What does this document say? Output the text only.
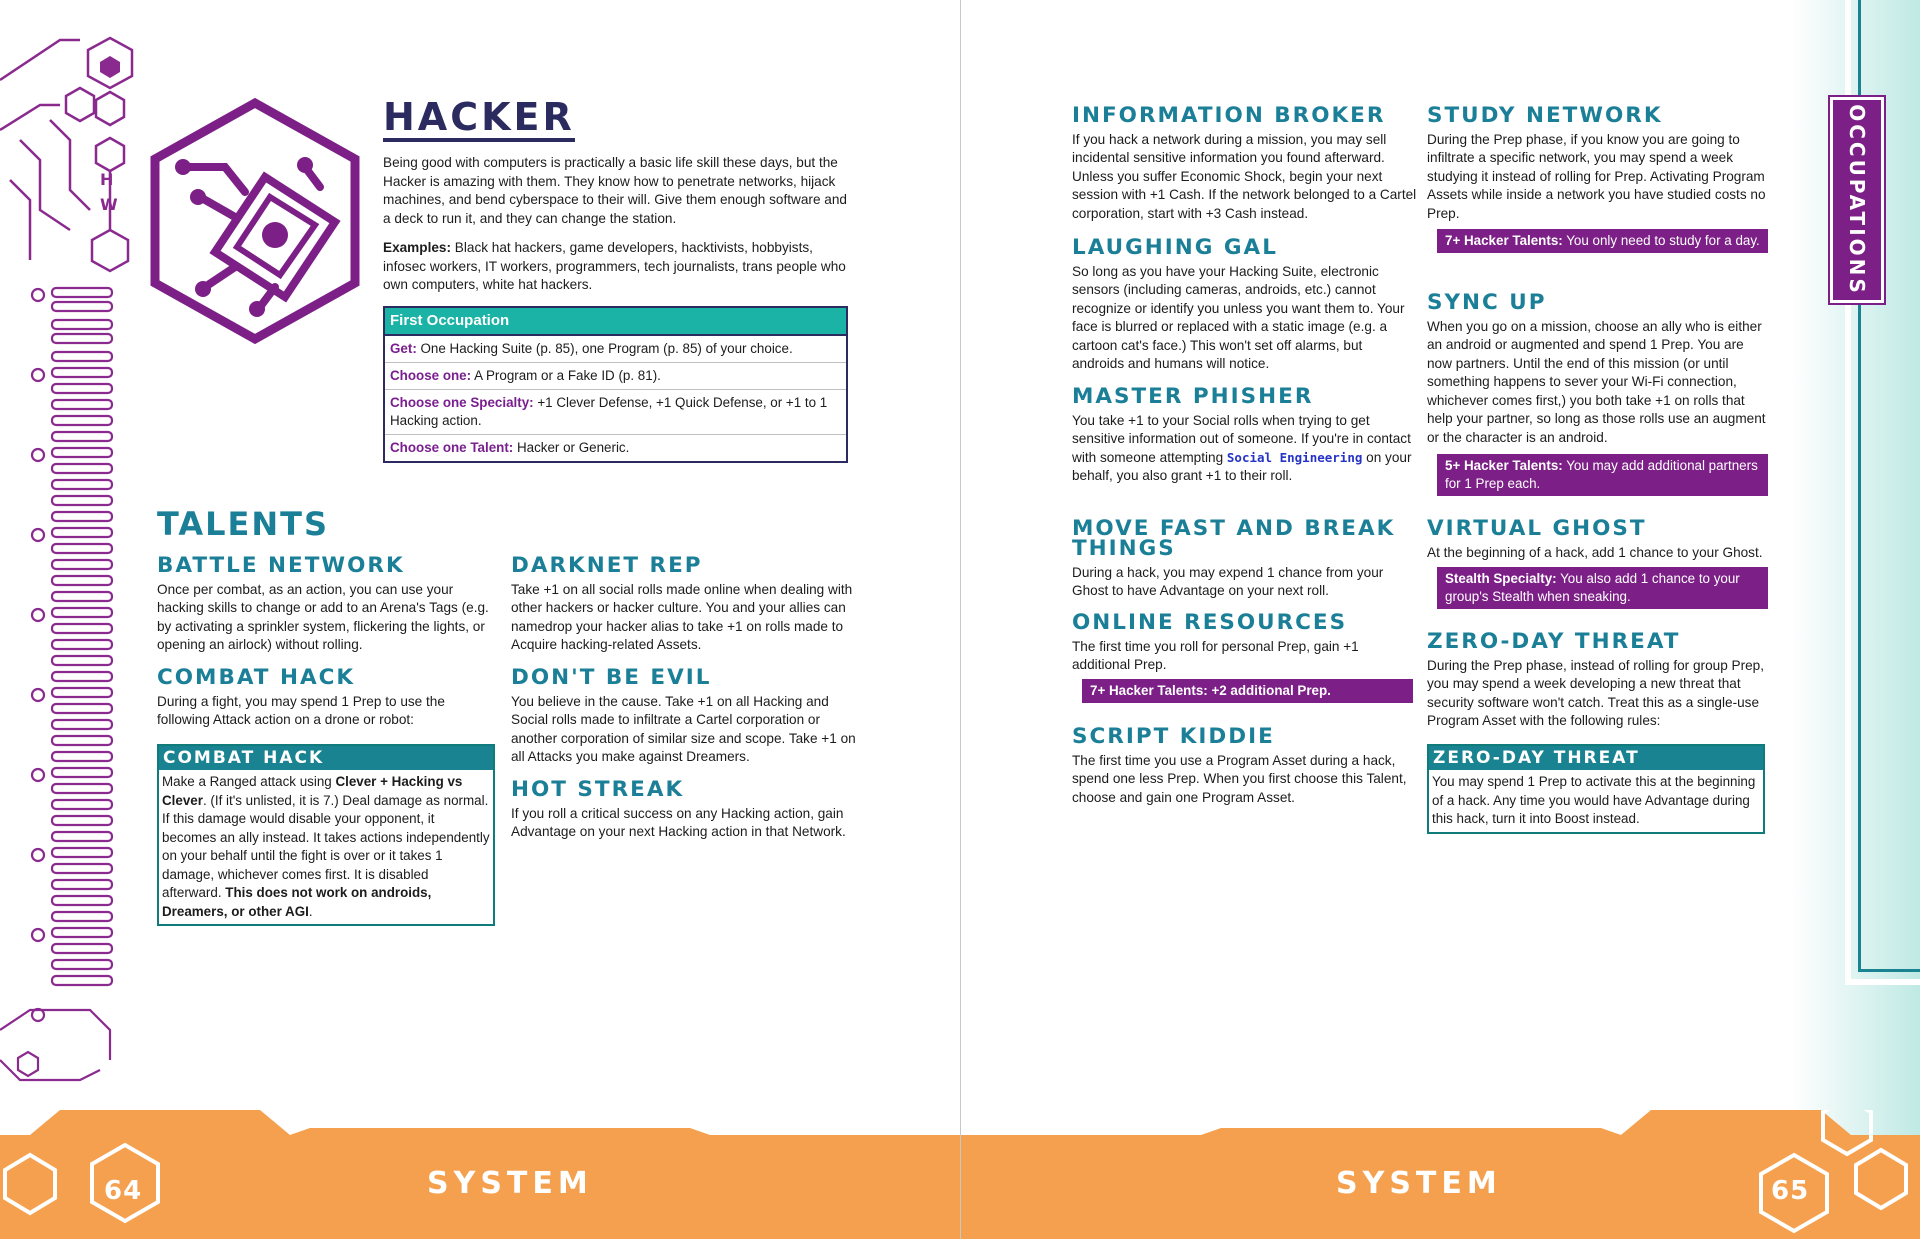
H
W
HACKER

Being good with computers is practically a basic life skill these days, but the Hacker is amazing with them. They know how to penetrate networks, hijack machines, and bend cyberspace to their will. Give them enough software and a deck to run it, and they can change the station.

Examples: Black hat hackers, game developers, hacktivists, hobbyists, infosec workers, IT workers, programmers, tech journalists, trans people who own computers, white hat hackers.

First Occupation
Get: One Hacking Suite (p. 85), one Program (p. 85) of your choice.
Choose one: A Program or a Fake ID (p. 81).
Choose one Specialty: +1 Clever Defense, +1 Quick Defense, or +1 to 1 Hacking action.
Choose one Talent: Hacker or Generic.
TALENTS
BATTLE NETWORK

Once per combat, as an action, you can use your hacking skills to change or add to an Arena's Tags (e.g. by activating a sprinkler system, flickering the lights, or opening an airlock) without rolling.

COMBAT HACK

During a fight, you may spend 1 Prep to use the following Attack action on a drone or robot:

COMBAT HACK
Make a Ranged attack using Clever + Hacking vs Clever. (If it's unlisted, it is 7.) Deal damage as normal. If this damage would disable your opponent, it becomes an ally instead. It takes actions independently on your behalf until the fight is over or it takes 1 damage, whichever comes first. It is disabled afterward. This does not work on androids, Dreamers, or other AGI.
DARKNET REP

Take +1 on all social rolls made online when dealing with other hackers or hacker culture. You and your allies can namedrop your hacker alias to take +1 on rolls made to Acquire hacking-related Assets.

DON'T BE EVIL

You believe in the cause. Take +1 on all Hacking and Social rolls made to infiltrate a Cartel corporation or another corporation of similar size and scope. Take +1 on all Attacks you make against Dreamers.

HOT STREAK

If you roll a critical success on any Hacking action, gain Advantage on your next Hacking action in that Network.

64	SYSTEM
OCCUPATIONS
INFORMATION BROKER

If you hack a network during a mission, you may sell incidental sensitive information you found afterward. Unless you suffer Economic Shock, begin your next session with +1 Cash. If the network belonged to a Cartel corporation, start with +3 Cash instead.

LAUGHING GAL

So long as you have your Hacking Suite, electronic sensors (including cameras, androids, etc.) cannot recognize or identify you unless you want them to. Your face is blurred or replaced with a static image (e.g. a cartoon cat's face.) This won't set off alarms, but androids and humans will notice.

MASTER PHISHER

You take +1 to your Social rolls when trying to get sensitive information out of someone. If you're in contact with someone attempting Social Engineering on your behalf, you also grant +1 to their roll.

MOVE FAST AND BREAK THINGS

During a hack, you may expend 1 chance from your Ghost to have Advantage on your next roll.

ONLINE RESOURCES

The first time you roll for personal Prep, gain +1 additional Prep.

7+ Hacker Talents: +2 additional Prep.
SCRIPT KIDDIE

The first time you use a Program Asset during a hack, spend one less Prep. When you first choose this Talent, choose and gain one Program Asset.

STUDY NETWORK

During the Prep phase, if you know you are going to infiltrate a specific network, you may spend a week studying it instead of rolling for Prep. Activating Program Assets while inside a network you have studied costs no Prep.

7+ Hacker Talents: You only need to study for a day.
SYNC UP

When you go on a mission, choose an ally who is either an android or augmented and spend 1 Prep. You are now partners. Until the end of this mission (or until something happens to sever your Wi-Fi connection, whichever comes first,) you both take +1 on rolls that help your partner, so long as those rolls use an augment or the character is an android.

5+ Hacker Talents: You may add additional partners for 1 Prep each.
VIRTUAL GHOST

At the beginning of a hack, add 1 chance to your Ghost.

Stealth Specialty: You also add 1 chance to your group's Stealth when sneaking.
ZERO-DAY THREAT

During the Prep phase, instead of rolling for group Prep, you may spend a week developing a new threat that security software won't catch. Treat this as a single-use Program Asset with the following rules:

ZERO-DAY THREAT
You may spend 1 Prep to activate this at the beginning of a hack. Any time you would have Advantage during this hack, turn it into Boost instead.
65
SYSTEM
